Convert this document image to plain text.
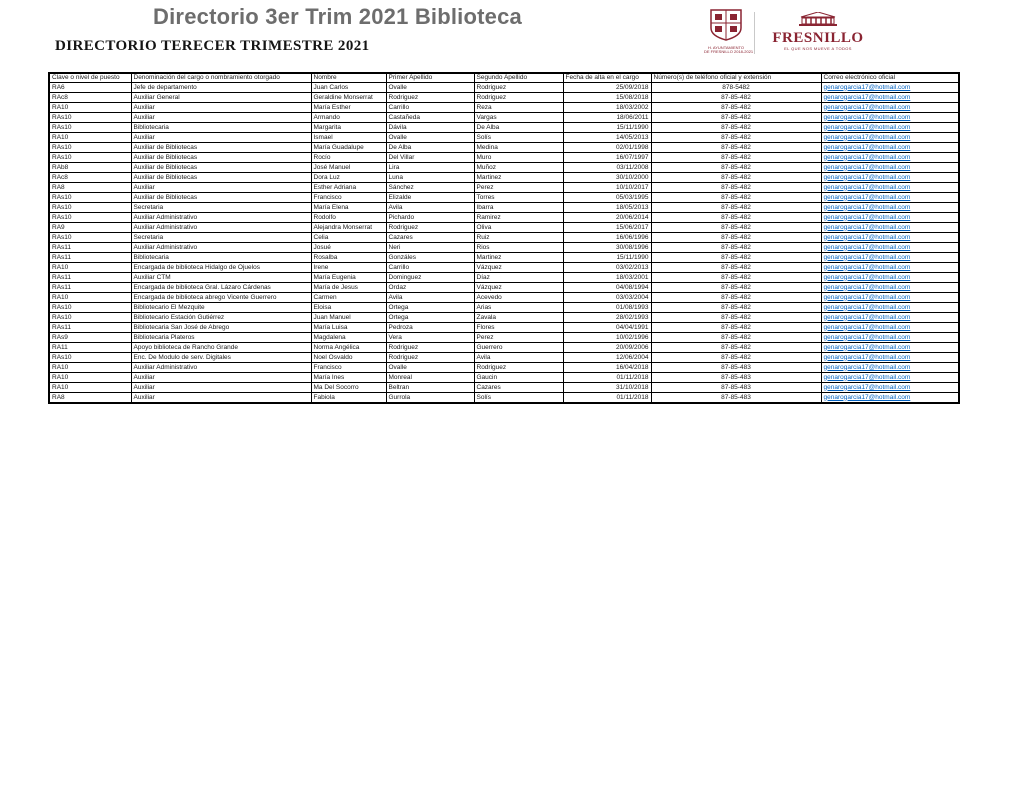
Directorio 3er Trim 2021 Biblioteca
H. AYUNTAMIENTO
DE FRESNILLO 2018-2021
FRESNILLO
EL QUE NOS MUEVE A TODOS
DIRECTORIO TERECER TRIMESTRE 2021
Clave o nivel de puesto	Denominación del cargo o nombramiento otorgado	Nombre	Primer Apellido	Segundo Apellido	Fecha de alta en el cargo	Número(s) de teléfono oficial y extensión	Correo electrónico oficial
RA6	Jefe de departamento	Juan Carlos	Ovalle	Rodriguez	25/09/2018	878-5482	genarogarcia17@hotmail.com
RAc8	Auxiliar General	Geraldine Monserrat	Rodriguez	Rodriguez	15/08/2018	87-85-482	genarogarcia17@hotmail.com
RA10	Auxiliar	María Esther	Carrillo	Reza	18/03/2002	87-85-482	genarogarcia17@hotmail.com
RAs10	Auxiliar	Armando	Castañeda	Vargas	18/06/2011	87-85-482	genarogarcia17@hotmail.com
RAs10	Bibliotecaria	Margarita	Dávila	De Alba	15/11/1990	87-85-482	genarogarcia17@hotmail.com
RA10	Auxiliar	Ismael	Ovalle	Solís	14/05/2013	87-85-482	genarogarcia17@hotmail.com
RAs10	Auxiliar de Bibliotecas	María Guadalupe	De Alba	Medina	02/01/1998	87-85-482	genarogarcia17@hotmail.com
RAs10	Auxiliar de Bibliotecas	Rocío	Del Villar	Muro	16/07/1997	87-85-482	genarogarcia17@hotmail.com
RAb8	Auxiliar de Bibliotecas	José Manuel	Lira	Muñoz	03/11/2008	87-85-482	genarogarcia17@hotmail.com
RAc8	Auxiliar de Bibliotecas	Dora Luz	Luna	Martinez	30/10/2000	87-85-482	genarogarcia17@hotmail.com
RA8	Auxiliar	Esther Adriana	Sánchez	Perez	10/10/2017	87-85-482	genarogarcia17@hotmail.com
RAs10	Auxiliar de Bibliotecas	Francisco	Elizalde	Torres	05/03/1995	87-85-482	genarogarcia17@hotmail.com
RAs10	Secretaria	María Elena	Avila	Ibarra	18/05/2013	87-85-482	genarogarcia17@hotmail.com
RAs10	Auxiliar Administrativo	Rodolfo	Pichardo	Ramirez	20/06/2014	87-85-482	genarogarcia17@hotmail.com
RA9	Auxiliar Administrativo	Alejandra Monserrat	Rodriguez	Oliva	15/06/2017	87-85-482	genarogarcia17@hotmail.com
RAs10	Secretaria	Celia	Cazares	Ruiz	16/06/1996	87-85-482	genarogarcia17@hotmail.com
RAs11	Auxiliar Administrativo	Josué	Neri	Rios	30/08/1996	87-85-482	genarogarcia17@hotmail.com
RAs11	Bibliotecaria	Rosalba	Gonzáles	Martinez	15/11/1990	87-85-482	genarogarcia17@hotmail.com
RA10	Encargada de biblioteca Hidalgo de Ojuelos	Irene	Carrillo	Vázquez	03/02/2013	87-85-482	genarogarcia17@hotmail.com
RAs11	Auxiliar CTM	María Eugenia	Dominguez	Díaz	18/03/2001	87-85-482	genarogarcia17@hotmail.com
RAs11	Encargada de biblioteca Gral. Lázaro Cárdenas	María de Jesus	Ordaz	Vázquez	04/08/1994	87-85-482	genarogarcia17@hotmail.com
RA10	Encargada de biblioteca abrego Vicente Guerrero	Carmen	Avila	Acevedo	03/03/2004	87-85-482	genarogarcia17@hotmail.com
RAs10	Bibliotecario El Mezquite	Eloisa	Ortega	Arias	01/08/1993	87-85-482	genarogarcia17@hotmail.com
RAs10	Bibliotecario Estación Gutiérrez	Juan Manuel	Ortega	Zavala	28/02/1993	87-85-482	genarogarcia17@hotmail.com
RAs11	Bibliotecaria San José de Abrego	María Luisa	Pedroza	Flores	04/04/1991	87-85-482	genarogarcia17@hotmail.com
RAs9	Bibliotecaria Plateros	Magdalena	Vera	Perez	10/02/1996	87-85-482	genarogarcia17@hotmail.com
RA11	Apoyo biblioteca de Rancho Grande	Norma Angélica	Rodriguez	Guerrero	20/09/2006	87-85-482	genarogarcia17@hotmail.com
RAs10	Enc. De Modulo de serv. Digitales	Noel Osvaldo	Rodriguez	Avila	12/06/2004	87-85-482	genarogarcia17@hotmail.com
RA10	Auxiliar Administrativo	Francisco	Ovalle	Rodriguez	16/04/2018	87-85-483	genarogarcia17@hotmail.com
RA10	Auxiliar	María Ines	Monreal	Gaucin	01/11/2018	87-85-483	genarogarcia17@hotmail.com
RA10	Auxiliar	Ma Del Socorro	Beltran	Cazares	31/10/2018	87-85-483	genarogarcia17@hotmail.com
RA8	Auxiliar	Fabiola	Gurrola	Solís	01/11/2018	87-85-483	genarogarcia17@hotmail.com
